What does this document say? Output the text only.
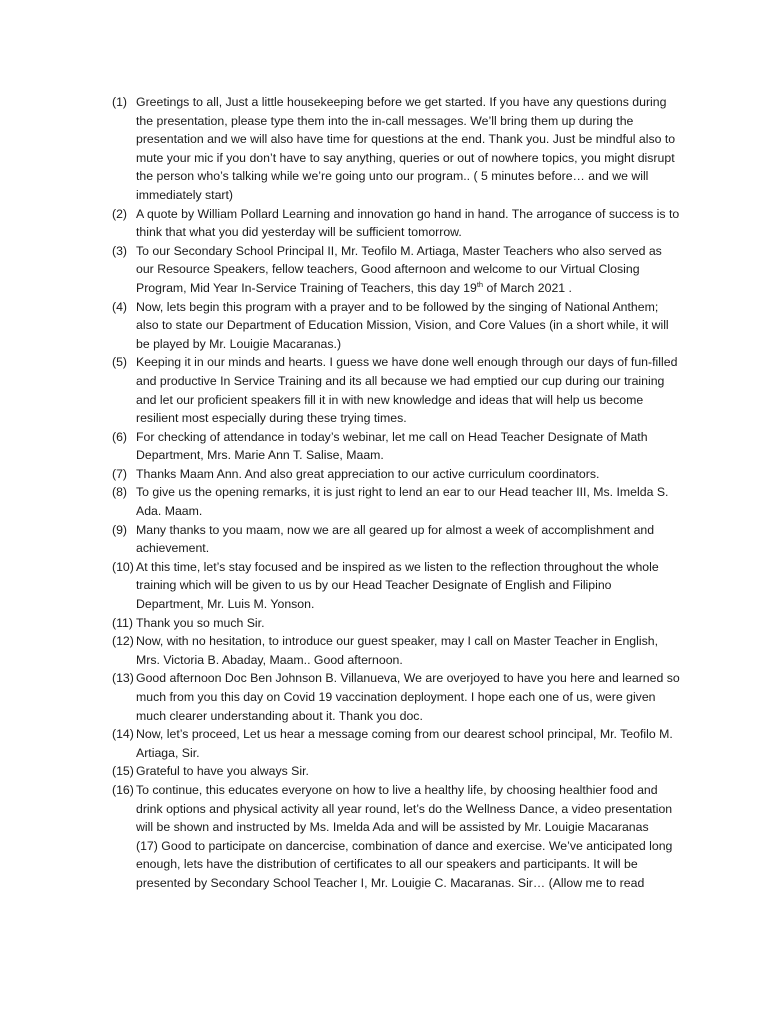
(1) Greetings to all, Just a little housekeeping before we get started. If you have any questions during the presentation, please type them into the in-call messages. We’ll bring them up during the presentation and we will also have time for questions at the end. Thank you. Just be mindful also to mute your mic if you don’t have to say anything, queries or out of nowhere topics, you might disrupt the person who’s talking while we’re going unto our program.. ( 5 minutes before… and we will immediately start)
(2) A quote by William Pollard Learning and innovation go hand in hand. The arrogance of success is to think that what you did yesterday will be sufficient tomorrow.
(3) To our Secondary School Principal II, Mr. Teofilo M. Artiaga, Master Teachers who also served as our Resource Speakers, fellow teachers, Good afternoon and welcome to our Virtual Closing Program, Mid Year In-Service Training of Teachers, this day 19th of March 2021 .
(4) Now, lets begin this program with a prayer and to be followed by the singing of National Anthem; also to state our Department of Education Mission, Vision, and Core Values (in a short while, it will be played by Mr. Louigie Macaranas.)
(5) Keeping it in our minds and hearts. I guess we have done well enough through our days of fun-filled and productive In Service Training and its all because we had emptied our cup during our training and let our proficient speakers fill it in with new knowledge and ideas that will help us become resilient most especially during these trying times.
(6) For checking of attendance in today’s webinar, let me call on Head Teacher Designate of Math Department, Mrs. Marie Ann T. Salise, Maam.
(7) Thanks Maam Ann. And also great appreciation to our active curriculum coordinators.
(8) To give us the opening remarks, it is just right to lend an ear to our Head teacher III, Ms. Imelda S. Ada. Maam.
(9) Many thanks to you maam, now we are all geared up for almost a week of accomplishment and achievement.
(10) At this time, let’s stay focused and be inspired as we listen to the reflection throughout the whole training which will be given to us by our Head Teacher Designate of English and Filipino Department, Mr. Luis M. Yonson.
(11) Thank you so much Sir.
(12) Now, with no hesitation, to introduce our guest speaker, may I call on Master Teacher in English, Mrs. Victoria B. Abaday, Maam.. Good afternoon.
(13) Good afternoon Doc Ben Johnson B. Villanueva, We are overjoyed to have you here and learned so much from you this day on Covid 19 vaccination deployment. I hope each one of us, were given much clearer understanding about it. Thank you doc.
(14) Now, let’s proceed, Let us hear a message coming from our dearest school principal, Mr. Teofilo M. Artiaga, Sir.
(15) Grateful to have you always Sir.
(16) To continue, this educates everyone on how to live a healthy life, by choosing healthier food and drink options and physical activity all year round, let’s do the Wellness Dance, a video presentation will be shown and instructed by Ms. Imelda Ada and will be assisted by Mr. Louigie Macaranas
(17) Good to participate on dancercise, combination of dance and exercise. We’ve anticipated long enough, lets have the distribution of certificates to all our speakers and participants. It will be presented by Secondary School Teacher I, Mr. Louigie C. Macaranas. Sir… (Allow me to read
